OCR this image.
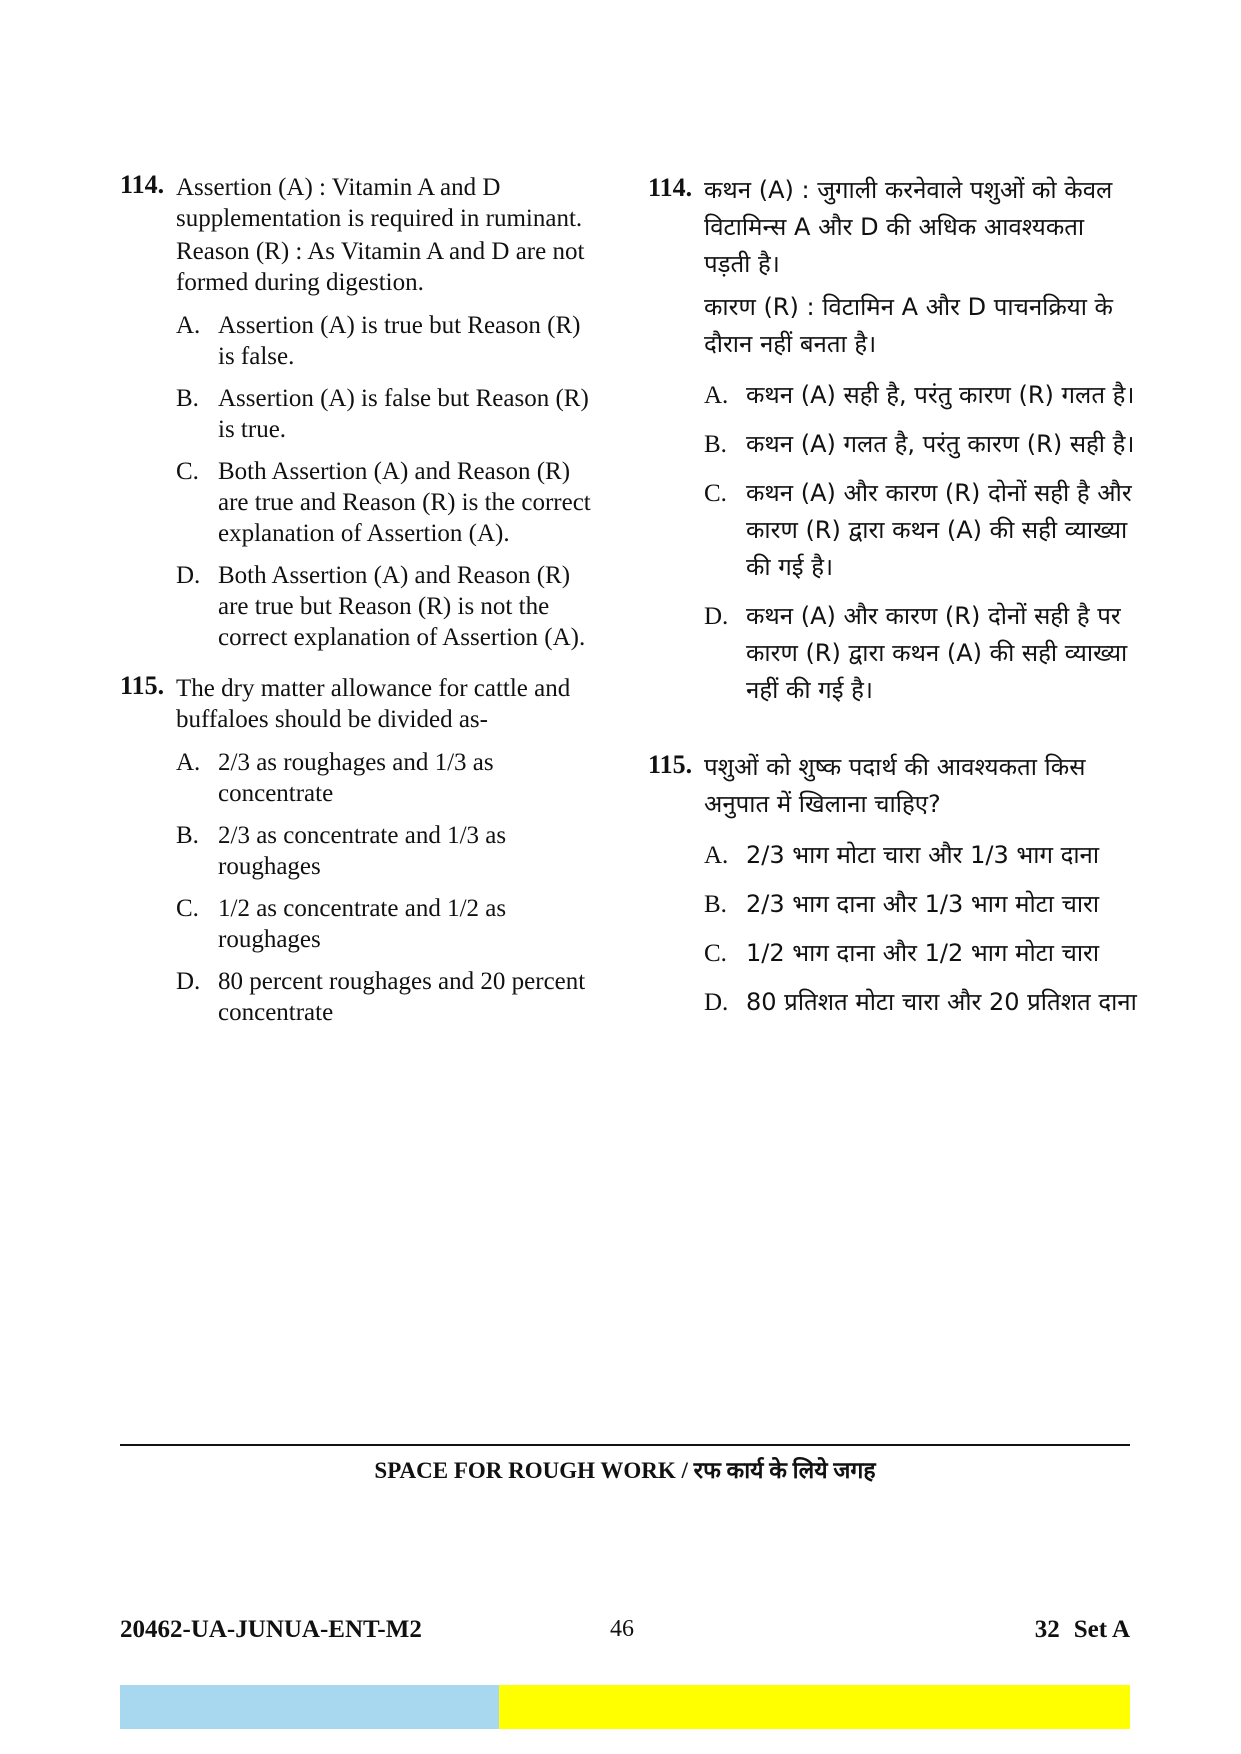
114. Assertion (A) : Vitamin A and D supplementation is required in ruminant.

Reason (R) : As Vitamin A and D are not formed during digestion.

A. Assertion (A) is true but Reason (R) is false.
B. Assertion (A) is false but Reason (R) is true.
C. Both Assertion (A) and Reason (R) are true and Reason (R) is the correct explanation of Assertion (A).
D. Both Assertion (A) and Reason (R) are true but Reason (R) is not the correct explanation of Assertion (A).
115. The dry matter allowance for cattle and buffaloes should be divided as-

A. 2/3 as roughages and 1/3 as concentrate
B. 2/3 as concentrate and 1/3 as roughages
C. 1/2 as concentrate and 1/2 as roughages
D. 80 percent roughages and 20 percent concentrate
114. कथन (A) : जुगाली करनेवाले पशुओं को केवल विटामिन्स A और D की अधिक आवश्यकता पड़ती है।

कारण (R) : विटामिन A और D पाचनक्रिया के दौरान नहीं बनता है।

A. कथन (A) सही है, परंतु कारण (R) गलत है।
B. कथन (A) गलत है, परंतु कारण (R) सही है।
C. कथन (A) और कारण (R) दोनों सही है और कारण (R) द्वारा कथन (A) की सही व्याख्या की गई है।
D. कथन (A) और कारण (R) दोनों सही है पर कारण (R) द्वारा कथन (A) की सही व्याख्या नहीं की गई है।
115. पशुओं को शुष्क पदार्थ की आवश्यकता किस अनुपात में खिलाना चाहिए?

A. 2/3 भाग मोटा चारा और 1/3 भाग दाना
B. 2/3 भाग दाना और 1/3 भाग मोटा चारा
C. 1/2 भाग दाना और 1/2 भाग मोटा चारा
D. 80 प्रतिशत मोटा चारा और 20 प्रतिशत दाना
SPACE FOR ROUGH WORK / रफ कार्य के लिये जगह
20462-UA-JUNUA-ENT-M2	46	32 Set A
